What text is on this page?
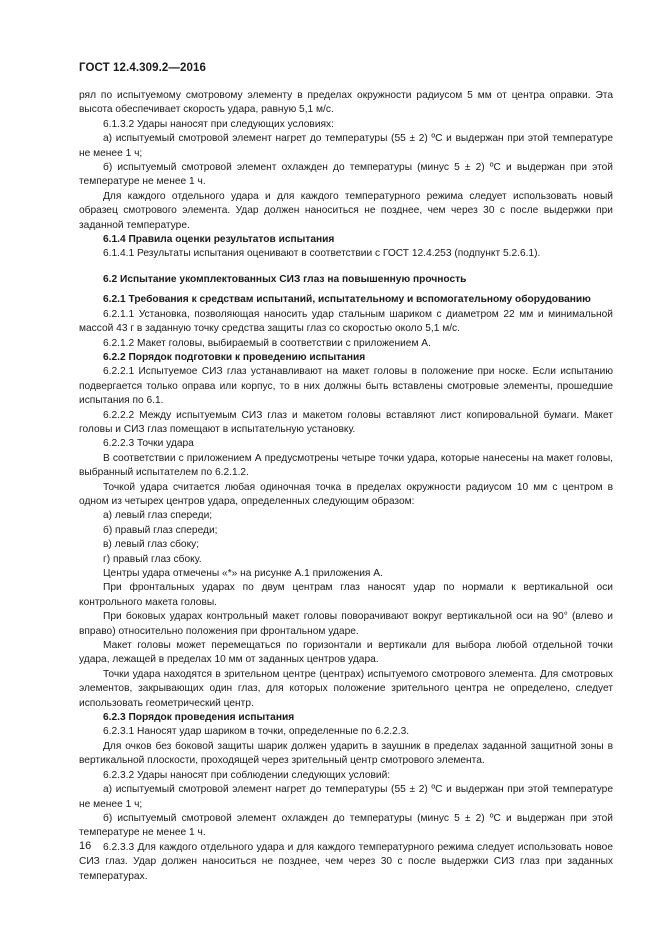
ГОСТ 12.4.309.2—2016

рял по испытуемому смотровому элементу в пределах окружности радиусом 5 мм от центра оправки. Эта высота обеспечивает скорость удара, равную 5,1 м/с.

6.1.3.2 Удары наносят при следующих условиях:

а) испытуемый смотровой элемент нагрет до температуры (55 ± 2) ºС и выдержан при этой температуре не менее 1 ч;

б) испытуемый смотровой элемент охлажден до температуры (минус 5 ± 2) ºС и выдержан при этой температуре не менее 1 ч.

Для каждого отдельного удара и для каждого температурного режима следует использовать новый образец смотрового элемента. Удар должен наноситься не позднее, чем через 30 с после выдержки при заданной температуре.

6.1.4 Правила оценки результатов испытания

6.1.4.1 Результаты испытания оценивают в соответствии с ГОСТ 12.4.253 (подпункт 5.2.6.1).

6.2 Испытание укомплектованных СИЗ глаз на повышенную прочность

6.2.1 Требования к средствам испытаний, испытательному и вспомогательному оборудованию

6.2.1.1 Установка, позволяющая наносить удар стальным шариком с диаметром 22 мм и минимальной массой 43 г в заданную точку средства защиты глаз со скоростью около 5,1 м/с.

6.2.1.2 Макет головы, выбираемый в соответствии с приложением А.

6.2.2 Порядок подготовки к проведению испытания

6.2.2.1 Испытуемое СИЗ глаз устанавливают на макет головы в положение при носке. Если испытанию подвергается только оправа или корпус, то в них должны быть вставлены смотровые элементы, прошедшие испытания по 6.1.

6.2.2.2 Между испытуемым СИЗ глаз и макетом головы вставляют лист копировальной бумаги. Макет головы и СИЗ глаз помещают в испытательную установку.

6.2.2.3 Точки удара

В соответствии с приложением А предусмотрены четыре точки удара, которые нанесены на макет головы, выбранный испытателем по 6.2.1.2.

Точкой удара считается любая одиночная точка в пределах окружности радиусом 10 мм с центром в одном из четырех центров удара, определенных следующим образом:

а) левый глаз спереди;

б) правый глаз спереди;

в) левый глаз сбоку;

г) правый глаз сбоку.

Центры удара отмечены «*» на рисунке А.1 приложения А.

При фронтальных ударах по двум центрам глаз наносят удар по нормали к вертикальной оси контрольного макета головы.

При боковых ударах контрольный макет головы поворачивают вокруг вертикальной оси на 90° (влево и вправо) относительно положения при фронтальном ударе.

Макет головы может перемещаться по горизонтали и вертикали для выбора любой отдельной точки удара, лежащей в пределах 10 мм от заданных центров удара.

Точки удара находятся в зрительном центре (центрах) испытуемого смотрового элемента. Для смотровых элементов, закрывающих один глаз, для которых положение зрительного центра не определено, следует использовать геометрический центр.

6.2.3 Порядок проведения испытания

6.2.3.1 Наносят удар шариком в точки, определенные по 6.2.2.3.

Для очков без боковой защиты шарик должен ударить в заушник в пределах заданной защитной зоны в вертикальной плоскости, проходящей через зрительный центр смотрового элемента.

6.2.3.2 Удары наносят при соблюдении следующих условий:

а) испытуемый смотровой элемент нагрет до температуры (55 ± 2) ºС и выдержан при этой температуре не менее 1 ч;

б) испытуемый смотровой элемент охлажден до температуры (минус 5 ± 2) ºС и выдержан при этой температуре не менее 1 ч.

6.2.3.3 Для каждого отдельного удара и для каждого температурного режима следует использовать новое СИЗ глаз. Удар должен наноситься не позднее, чем через 30 с после выдержки СИЗ глаз при заданных температурах.

16
